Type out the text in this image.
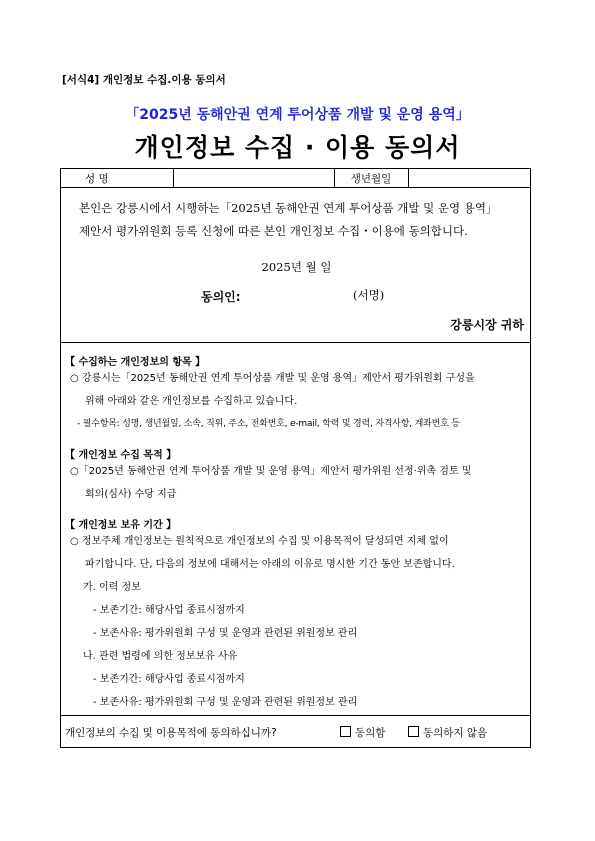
[서식4] 개인정보 수집.이용 동의서
「2025년 동해안권 연계 투어상품 개발 및 운영 용역」
개인정보 수집 · 이용 동의서
성 명	생년월일
본인은 강릉시에서 시행하는「2025년 동해안권 연계 투어상품 개발 및 운영 용역」
제안서 평가위원회 등록 신청에 따른 본인 개인정보 수집・이용에 동의합니다.
2025년 월 일
동의인:	(서명)
강릉시장 귀하
【 수집하는 개인정보의 항목 】
○ 강릉시는「2025년 동해안권 연계 투어상품 개발 및 운영 용역」제안서 평가위원회 구성을
위해 아래와 같은 개인정보를 수집하고 있습니다.
- 필수항목: 성명, 생년월일, 소속, 직위, 주소, 전화번호, e-mail, 학력 및 경력, 자격사항, 계좌번호 등
【 개인정보 수집 목적 】
○「2025년 동해안권 연계 투어상품 개발 및 운영 용역」제안서 평가위원 선정·위촉 검토 및
회의(심사) 수당 지급
【 개인정보 보유 기간 】
○ 정보주체 개인정보는 원칙적으로 개인정보의 수집 및 이용목적이 달성되면 지체 없이
파기합니다. 단, 다음의 정보에 대해서는 아래의 이유로 명시한 기간 동안 보존합니다.
가. 이력 정보
- 보존기간: 해당사업 종료시점까지
- 보존사유: 평가위원회 구성 및 운영과 관련된 위원정보 관리
나. 관련 법령에 의한 정보보유 사유
- 보존기간: 해당사업 종료시점까지
- 보존사유: 평가위원회 구성 및 운영과 관련된 위원정보 관리
개인정보의 수집 및 이용목적에 동의하십니까?	동의함	동의하지 않음
